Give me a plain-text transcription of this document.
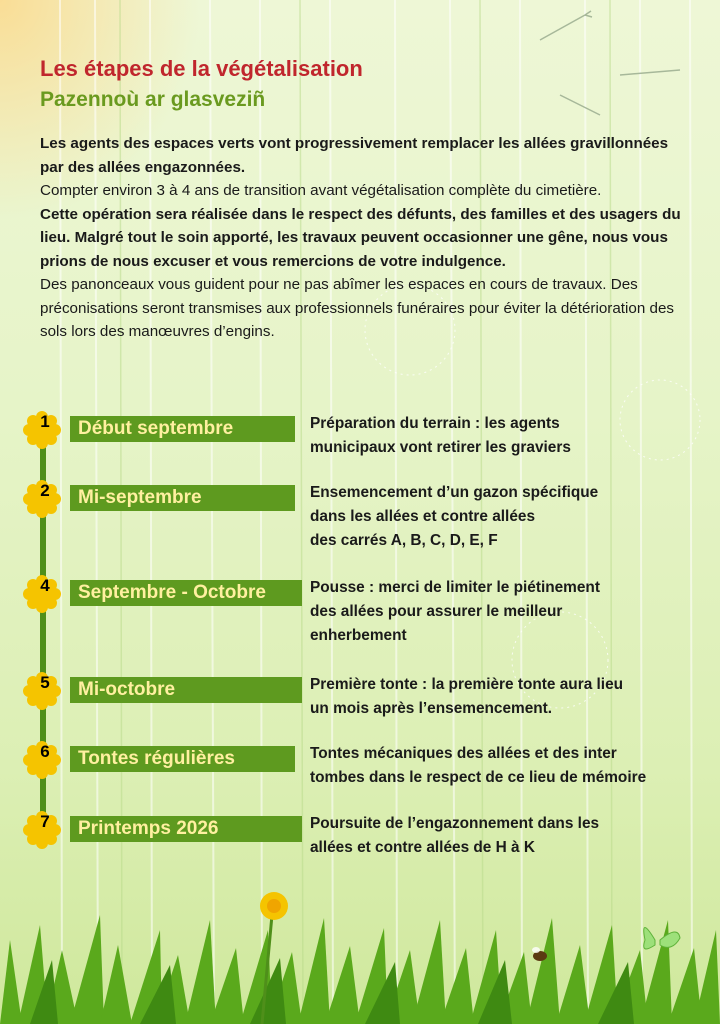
Les étapes de la végétalisation
Pazennoù ar glasveziñ

Les agents des espaces verts vont progressivement remplacer les allées gravillonnées par des allées engazonnées.

Compter environ 3 à 4 ans de transition avant végétalisation complète du cimetière.

Cette opération sera réalisée dans le respect des défunts, des familles et des usagers du lieu. Malgré tout le soin apporté, les travaux peuvent occasionner une gêne, nous vous prions de nous excuser et vous remercions de votre indulgence.

Des panonceaux vous guident pour ne pas abîmer les espaces en cours de travaux. Des préconisations seront transmises aux professionnels funéraires pour éviter la détérioration des sols lors des manœuvres d’engins.

1	Début septembre	Préparation du terrain : les agents
municipaux vont retirer les graviers
2	Mi-septembre	Ensemencement d’un gazon spécifique
dans les allées et contre allées
des carrés A, B, C, D, E, F
4	Septembre - Octobre	Pousse : merci de limiter le piétinement
des allées pour assurer le meilleur
enherbement
5	Mi-octobre	Première tonte : la première tonte aura lieu
un mois après l’ensemencement.
6	Tontes régulières	Tontes mécaniques des allées et des inter
tombes dans le respect de ce lieu de mémoire
7	Printemps 2026	Poursuite de l’engazonnement dans les
allées et contre allées de H à K
